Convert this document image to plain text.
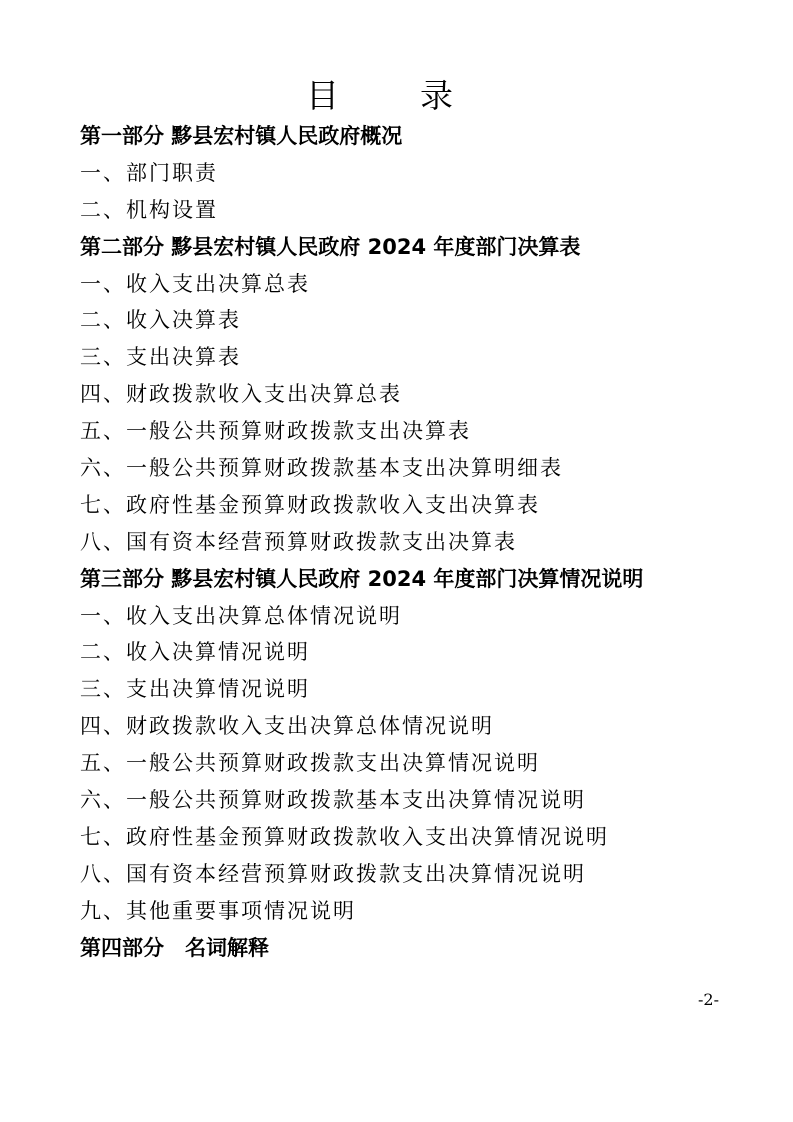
目　录
第一部分 黟县宏村镇人民政府概况
一、部门职责
二、机构设置
第二部分 黟县宏村镇人民政府 2024 年度部门决算表
一、收入支出决算总表
二、收入决算表
三、支出决算表
四、财政拨款收入支出决算总表
五、一般公共预算财政拨款支出决算表
六、一般公共预算财政拨款基本支出决算明细表
七、政府性基金预算财政拨款收入支出决算表
八、国有资本经营预算财政拨款支出决算表
第三部分 黟县宏村镇人民政府 2024 年度部门决算情况说明
一、收入支出决算总体情况说明
二、收入决算情况说明
三、支出决算情况说明
四、财政拨款收入支出决算总体情况说明
五、一般公共预算财政拨款支出决算情况说明
六、一般公共预算财政拨款基本支出决算情况说明
七、政府性基金预算财政拨款收入支出决算情况说明
八、国有资本经营预算财政拨款支出决算情况说明
九、其他重要事项情况说明
第四部分　名词解释
-2-
